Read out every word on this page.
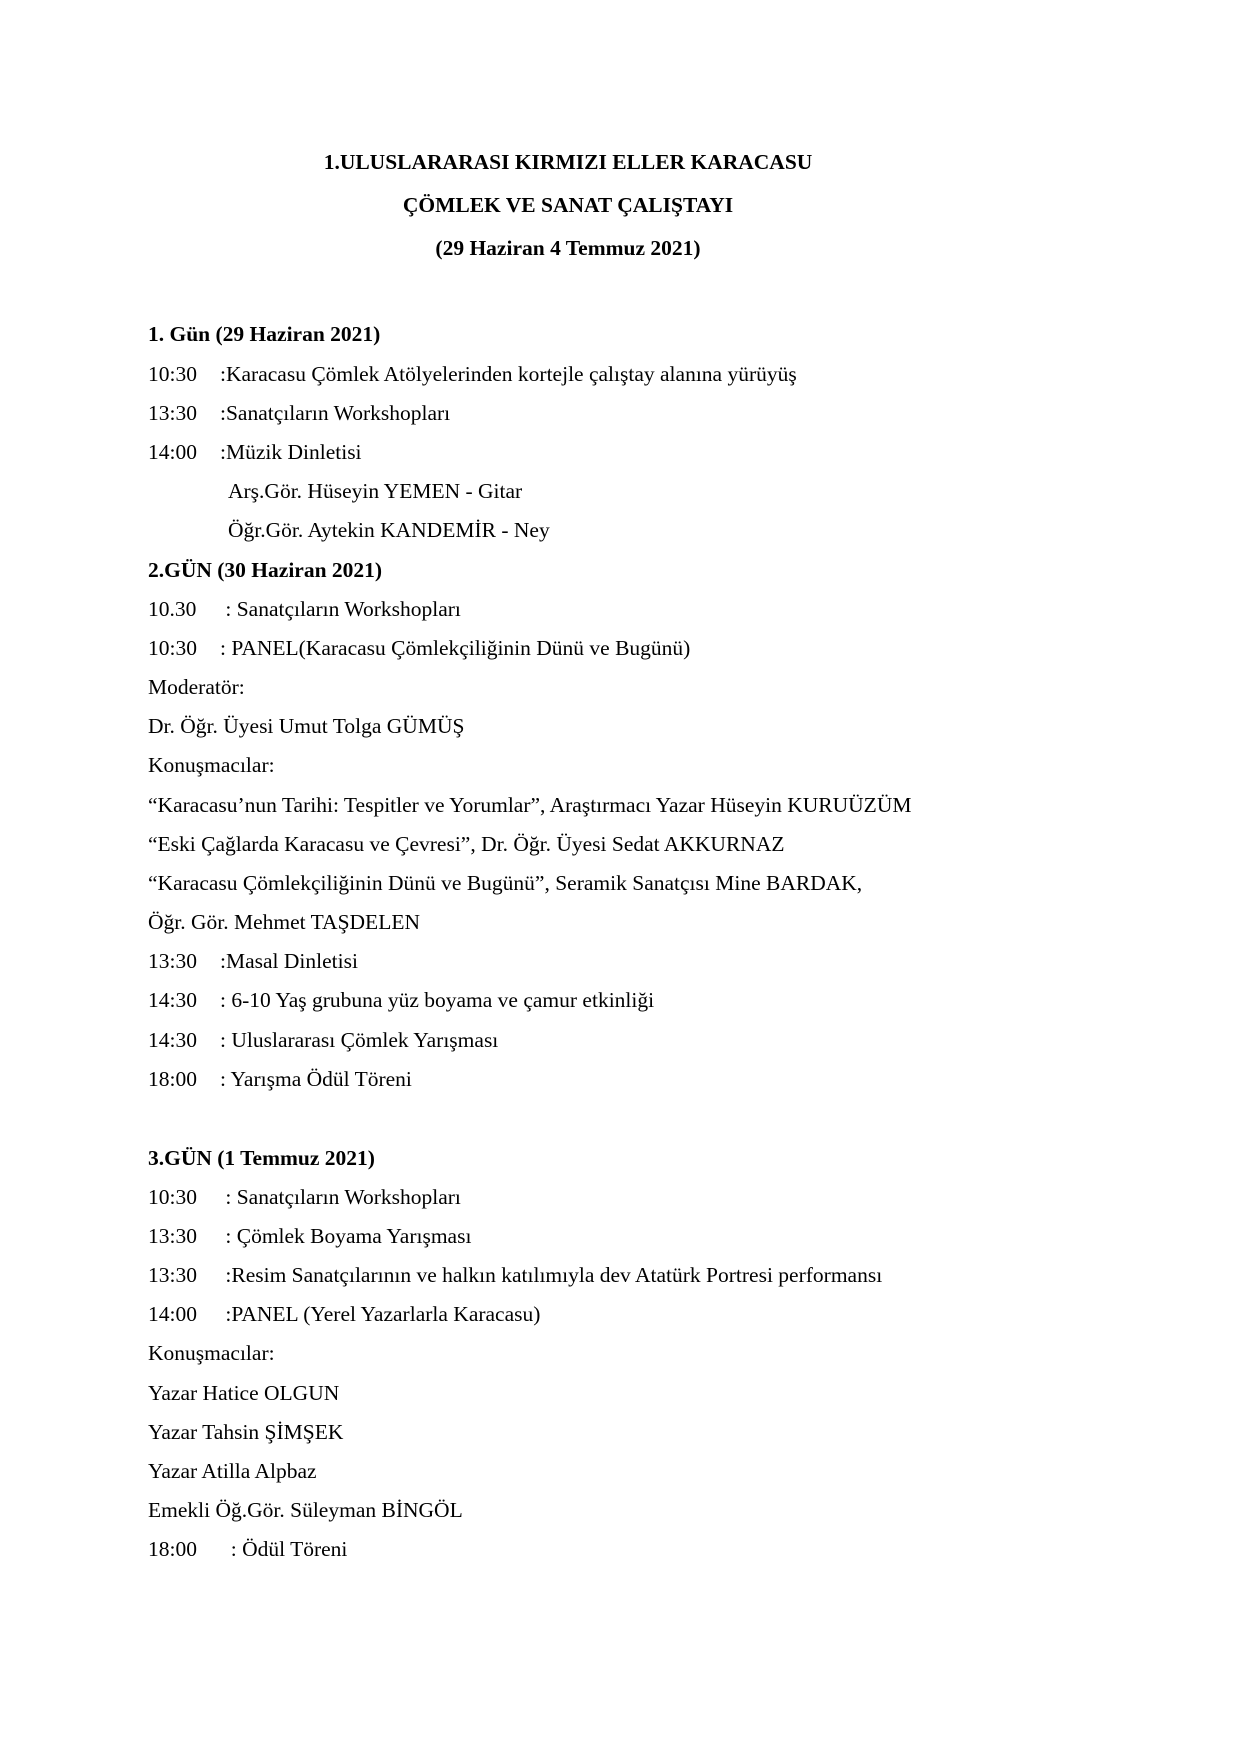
1.ULUSLARARASI KIRMIZI ELLER KARACASU
ÇÖMLEK VE SANAT ÇALIŞTAYI
(29 Haziran 4 Temmuz 2021)
1. Gün (29 Haziran 2021)
10:30 :Karacasu Çömlek Atölyelerinden kortejle çalıştay alanına yürüyüş
13:30 :Sanatçıların Workshopları
14:00 :Müzik Dinletisi
Arş.Gör. Hüseyin YEMEN - Gitar
Öğr.Gör. Aytekin KANDEMİR - Ney
2.GÜN (30 Haziran 2021)
10.30 : Sanatçıların Workshopları
10:30 : PANEL(Karacasu Çömlekçiliğinin Dünü ve Bugünü)
Moderatör:
Dr. Öğr. Üyesi Umut Tolga GÜMÜŞ
Konuşmacılar:
“Karacasu’nun Tarihi: Tespitler ve Yorumlar”, Araştırmacı Yazar Hüseyin KURUÜZÜM
“Eski Çağlarda Karacasu ve Çevresi”, Dr. Öğr. Üyesi Sedat AKKURNAZ
“Karacasu Çömlekçiliğinin Dünü ve Bugünü”, Seramik Sanatçısı Mine BARDAK,
Öğr. Gör. Mehmet TAŞDELEN
13:30 :Masal Dinletisi
14:30 : 6-10 Yaş grubuna yüz boyama ve çamur etkinliği
14:30 : Uluslararası Çömlek Yarışması
18:00 : Yarışma Ödül Töreni
3.GÜN (1 Temmuz 2021)
10:30 : Sanatçıların Workshopları
13:30 : Çömlek Boyama Yarışması
13:30 :Resim Sanatçılarının ve halkın katılımıyla dev Atatürk Portresi performansı
14:00 :PANEL (Yerel Yazarlarla Karacasu)
Konuşmacılar:
Yazar Hatice OLGUN
Yazar Tahsin ŞİMŞEK
Yazar Atilla Alpbaz
Emekli Öğ.Gör. Süleyman BİNGÖL
18:00  : Ödül Töreni
